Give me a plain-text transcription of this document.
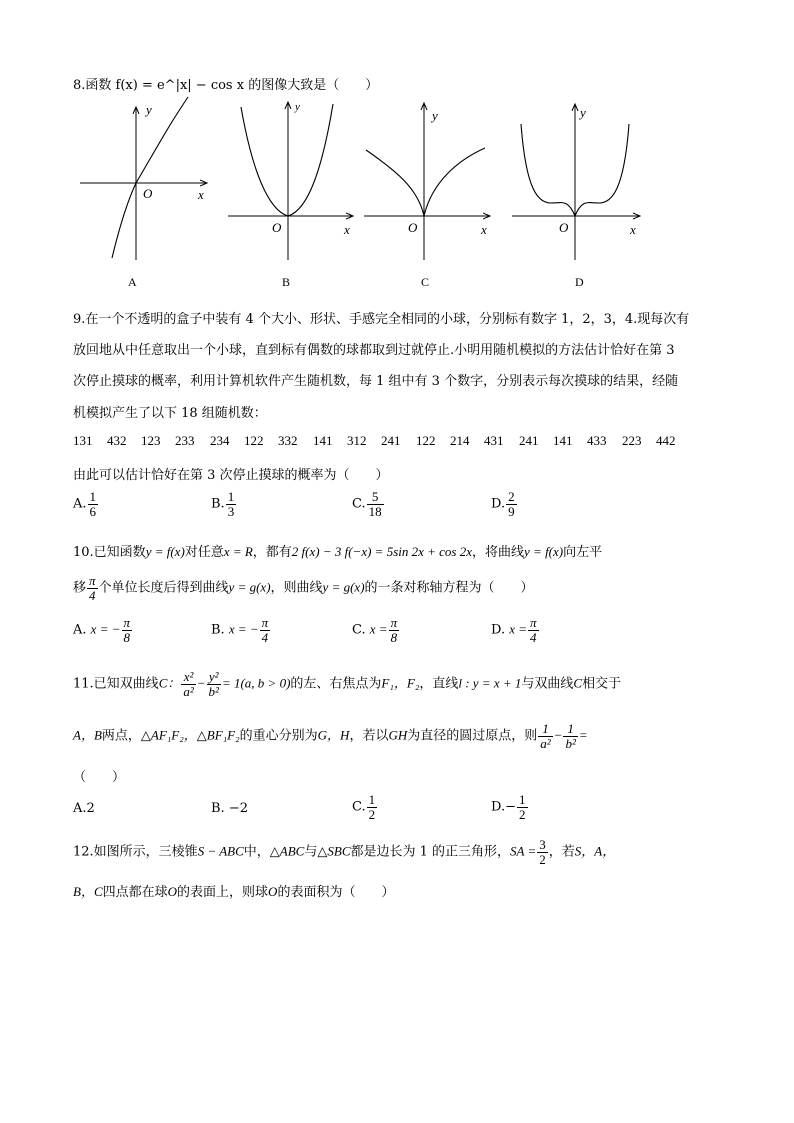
8.函数 f(x) = e^|x| − cos x 的图像大致是（　　）
y
x
O
A
y
x
O
B
y
x
O
C
y
x
O
D
9.在一个不透明的盒子中装有 4 个大小、形状、手感完全相同的小球，分别标有数字 1，2，3，4.现每次有
放回地从中任意取出一个小球，直到标有偶数的球都取到过就停止.小明用随机模拟的方法估计恰好在第 3
次停止摸球的概率，利用计算机软件产生随机数，每 1 组中有 3 个数字，分别表示每次摸球的结果，经随
机模拟产生了以下 18 组随机数：
131 432 123 233 234 122 332 141 312 241 122 214 431 241 141 433 223 442
由此可以估计恰好在第 3 次停止摸球的概率为（　　）
A. $\frac{1}{6}$	B. $\frac{1}{3}$	C. $\frac{5}{18}$	D. $\frac{2}{9}$
10.已知函数y = f(x)对任意x = R，都有2 f(x) − 3 f(−x) = 5sin 2x + cos 2x，将曲线y = f(x)向左平
移 $\frac{\pi}{4}$ 个单位长度后得到曲线y = g(x)，则曲线y = g(x)的一条对称轴方程为（　　）
A. x = − $\frac{\pi}{8}$	B. x = − $\frac{\pi}{4}$	C. $x = \frac{\pi}{8}$	D. $x = \frac{\pi}{4}$
11.已知双曲线C： $\frac{\text{x²}}{\text{a²}} - \frac{\text{y²}}{\text{b²}} = 1(a$, b > 0)的左、右焦点为F₁，F₂，直线l : y = x + 1与双曲线C相交于
A，B两点，△AF₁F₂，△BF₁F₂的重心分别为G，H，若以GH为直径的圆过原点，则 $\frac{1}{\text{a²}} - \frac{1}{\text{b²}}$ =
（　　）
A.2	B. −2	C. $\frac{1}{2}$	$D.- \frac{1}{2}$
12.如图所示，三棱锥S − ABC中，△ABC与△SBC都是边长为 1 的正三角形，SA = $\frac{3}{2}$ ，若S，A，
B，C四点都在球O的表面上，则球O的表面积为（　　）
